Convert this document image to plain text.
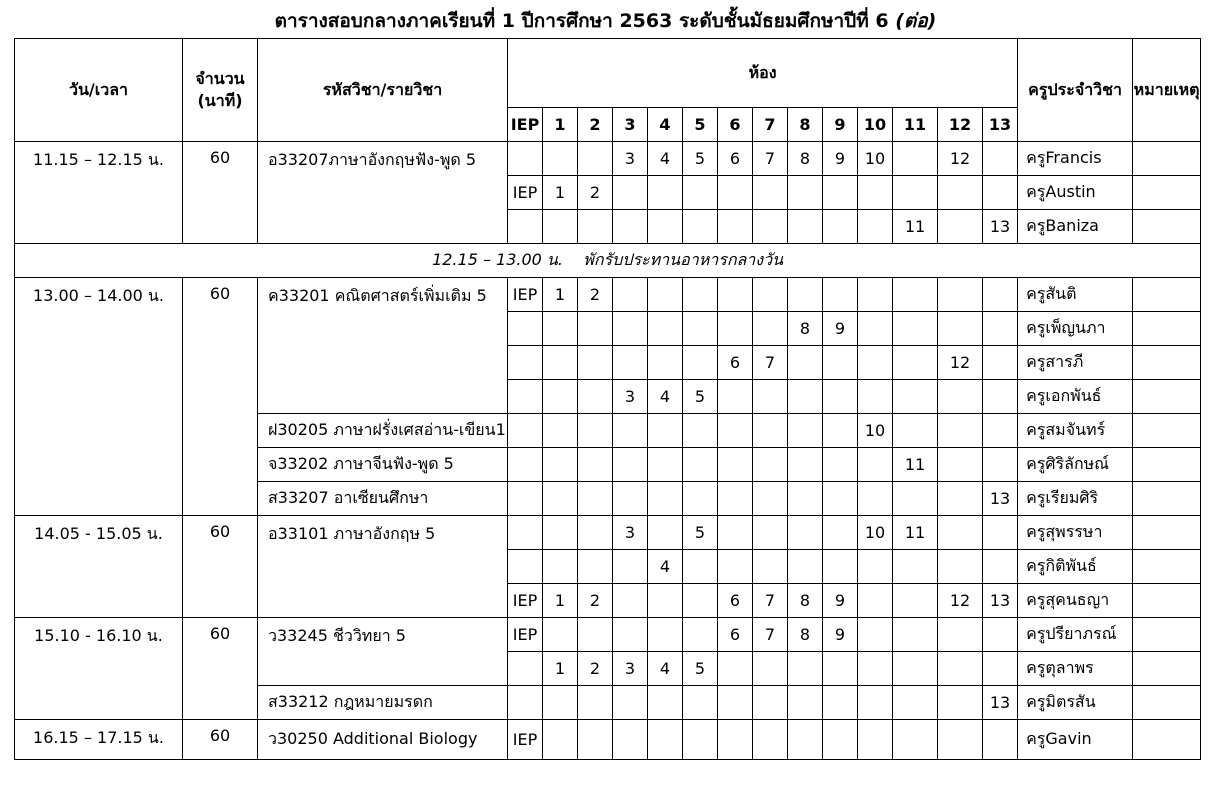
ตารางสอบกลางภาคเรียนที่ 1 ปีการศึกษา 2563 ระดับชั้นมัธยมศึกษาปีที่ 6 (ต่อ)
วัน/เวลา	จำนวน (นาที)	รหัสวิชา/รายวิชา	ห้อง														ครูประจำวิชา	หมายเหตุ
			IEP	1	2	3	4	5	6	7	8	9	10	11	12	13		
11.15 – 12.15 น.	60	อ33207ภาษาอังกฤษฟัง-พูด 5				3	4	5	6	7	8	9	10		12		ครูFrancis	
			IEP	1	2												ครูAustin	
														11		13	ครูBaniza	
12.15 – 13.00 น.    พักรับประทานอาหารกลางวัน																		
13.00 – 14.00 น.	60	ค33201 คณิตศาสตร์เพิ่มเติม 5	IEP	1	2												ครูสันติ	
											8	9					ครูเพ็ญนภา	
									6	7					12		ครูสารภี	
						3	4	5									ครูเอกพันธ์	
		ฝ30205 ภาษาฝรั่งเศสอ่าน-เขียน1											10				ครูสมจันทร์	
		จ33202 ภาษาจีนฟัง-พูด 5												11			ครูศิริลักษณ์	
		ส33207 อาเซียนศึกษา														13	ครูเรียมศิริ	
14.05 - 15.05 น.	60	อ33101 ภาษาอังกฤษ 5				3		5					10	11			ครูสุพรรษา	
							4										ครูกิติพันธ์	
			IEP	1	2				6	7	8	9			12	13	ครูสุคนธญา	
15.10 - 16.10 น.	60	ว33245 ชีววิทยา 5	IEP						6	7	8	9					ครูปรียาภรณ์	
				1	2	3	4	5									ครูตุลาพร	
		ส33212 กฎหมายมรดก														13	ครูมิตรสัน	
16.15 – 17.15 น.	60	ว30250 Additional Biology	IEP														ครูGavin	
